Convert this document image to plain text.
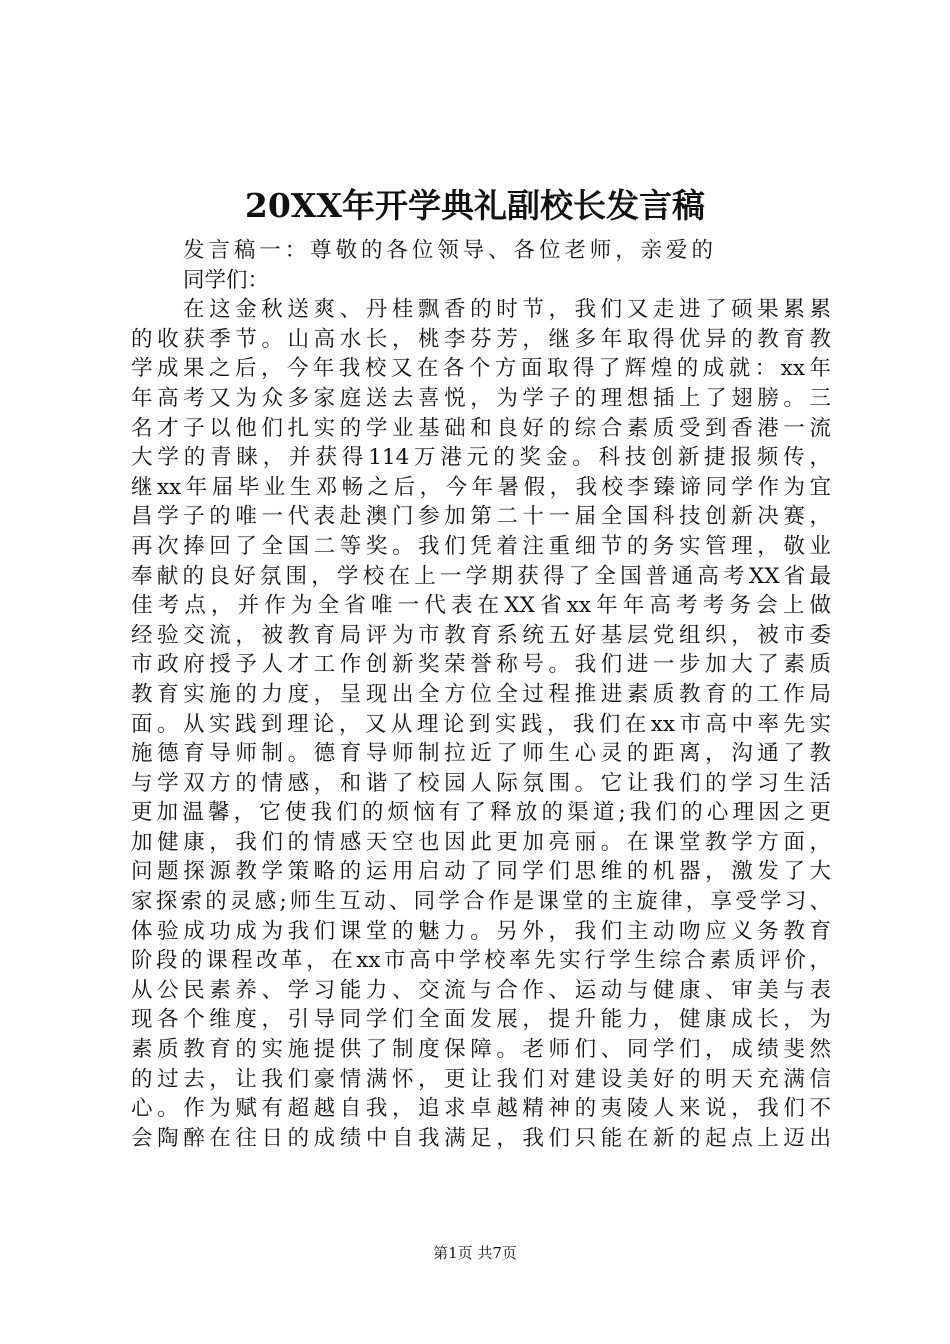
20XX年开学典礼副校长发言稿
发言稿一：尊敬的各位领导、各位老师，亲爱的
同学们：
在这金秋送爽、丹桂飘香的时节，我们又走进了硕果累累
的收获季节。山高水长，桃李芬芳，继多年取得优异的教育教
学成果之后，今年我校又在各个方面取得了辉煌的成就：xx年
年高考又为众多家庭送去喜悦，为学子的理想插上了翅膀。三
名才子以他们扎实的学业基础和良好的综合素质受到香港一流
大学的青睐，并获得114万港元的奖金。科技创新捷报频传，
继xx年届毕业生邓畅之后，今年暑假，我校李臻谛同学作为宜
昌学子的唯一代表赴澳门参加第二十一届全国科技创新决赛，
再次捧回了全国二等奖。我们凭着注重细节的务实管理，敬业
奉献的良好氛围，学校在上一学期获得了全国普通高考XX省最
佳考点，并作为全省唯一代表在XX省xx年年高考考务会上做
经验交流，被教育局评为市教育系统五好基层党组织，被市委
市政府授予人才工作创新奖荣誉称号。我们进一步加大了素质
教育实施的力度，呈现出全方位全过程推进素质教育的工作局
面。从实践到理论，又从理论到实践，我们在xx市高中率先实
施德育导师制。德育导师制拉近了师生心灵的距离，沟通了教
与学双方的情感，和谐了校园人际氛围。它让我们的学习生活
更加温馨，它使我们的烦恼有了释放的渠道;我们的心理因之更
加健康，我们的情感天空也因此更加亮丽。在课堂教学方面，
问题探源教学策略的运用启动了同学们思维的机器，激发了大
家探索的灵感;师生互动、同学合作是课堂的主旋律，享受学习、
体验成功成为我们课堂的魅力。另外，我们主动吻应义务教育
阶段的课程改革，在xx市高中学校率先实行学生综合素质评价，
从公民素养、学习能力、交流与合作、运动与健康、审美与表
现各个维度，引导同学们全面发展，提升能力，健康成长，为
素质教育的实施提供了制度保障。老师们、同学们，成绩斐然
的过去，让我们豪情满怀，更让我们对建设美好的明天充满信
心。作为赋有超越自我，追求卓越精神的夷陵人来说，我们不
会陶醉在往日的成绩中自我满足，我们只能在新的起点上迈出
第1页 共7页
